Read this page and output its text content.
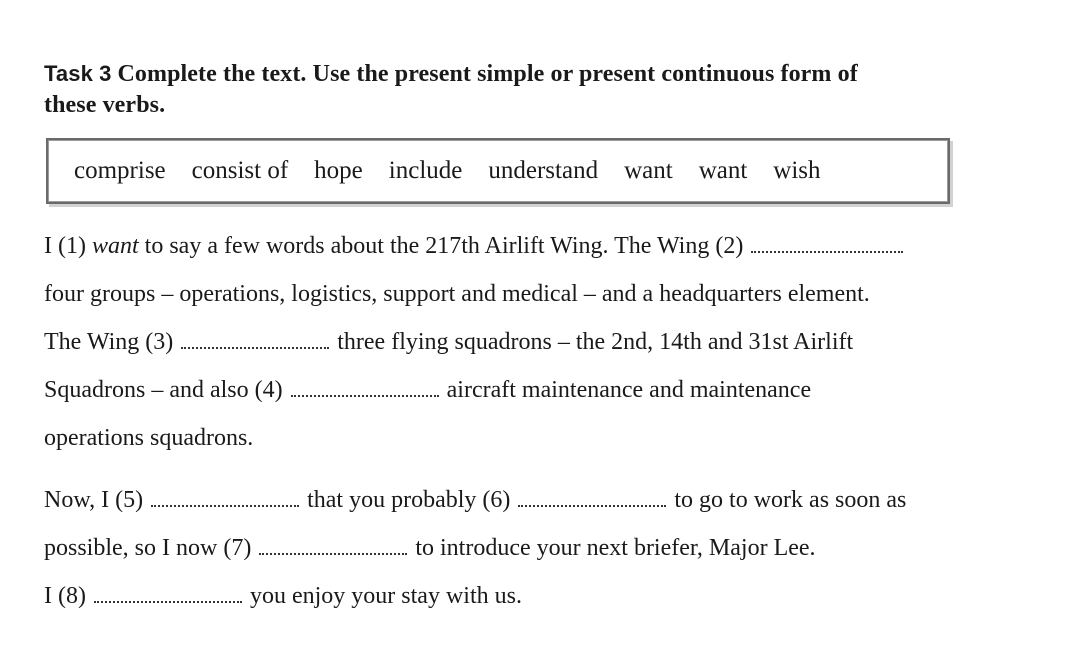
Task 3 Complete the text. Use the present simple or present continuous form of
these verbs.
comprise consist of hope include understand want want wish
I (1) want to say a few words about the 217th Airlift Wing. The Wing (2)
four groups – operations, logistics, support and medical – and a headquarters element.
The Wing (3)	three flying squadrons – the 2nd, 14th and 31st Airlift
Squadrons – and also (4)	aircraft maintenance and maintenance
operations squadrons.
Now, I (5)	that you probably (6)	to go to work as soon as
possible, so I now (7)	to introduce your next briefer, Major Lee.
I (8)	you enjoy your stay with us.
